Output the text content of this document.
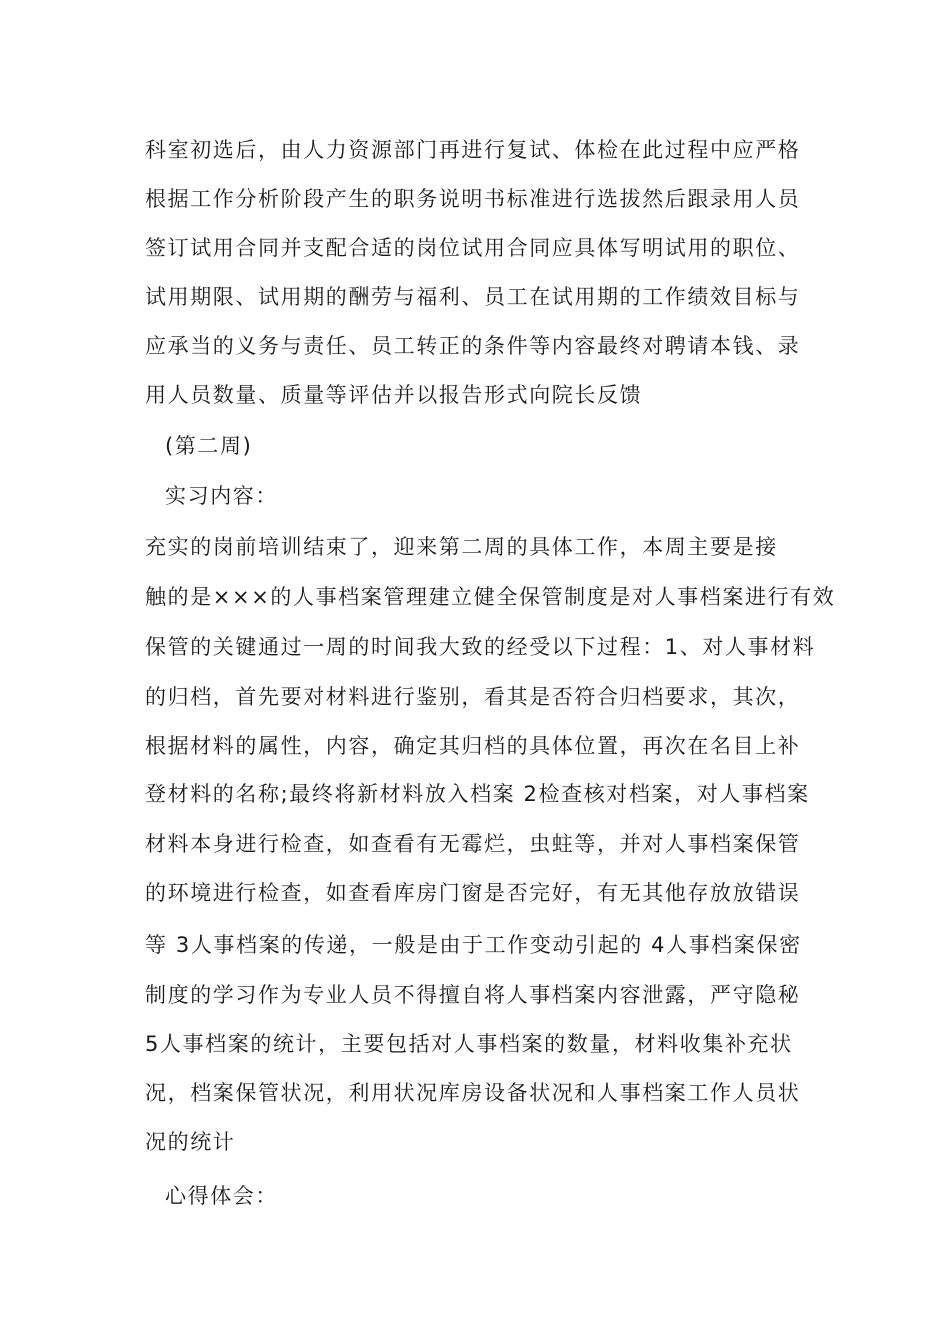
科室初选后，由人力资源部门再进行复试、体检在此过程中应严格
根据工作分析阶段产生的职务说明书标准进行选拔然后跟录用人员
签订试用合同并支配合适的岗位试用合同应具体写明试用的职位、
试用期限、试用期的酬劳与福利、员工在试用期的工作绩效目标与
应承当的义务与责任、员工转正的条件等内容最终对聘请本钱、录
用人员数量、质量等评估并以报告形式向院长反馈
(第二周)
实习内容：
充实的岗前培训结束了，迎来第二周的具体工作，本周主要是接
触的是×××的人事档案管理建立健全保管制度是对人事档案进行有效
保管的关键通过一周的时间我大致的经受以下过程：1、对人事材料
的归档，首先要对材料进行鉴别，看其是否符合归档要求，其次，
根据材料的属性，内容，确定其归档的具体位置，再次在名目上补
登材料的名称;最终将新材料放入档案 2检查核对档案，对人事档案
材料本身进行检查，如查看有无霉烂，虫蛀等，并对人事档案保管
的环境进行检查，如查看库房门窗是否完好，有无其他存放放错误
等 3人事档案的传递，一般是由于工作变动引起的 4人事档案保密
制度的学习作为专业人员不得擅自将人事档案内容泄露，严守隐秘
5人事档案的统计，主要包括对人事档案的数量，材料收集补充状
况，档案保管状况，利用状况库房设备状况和人事档案工作人员状
况的统计
心得体会：
